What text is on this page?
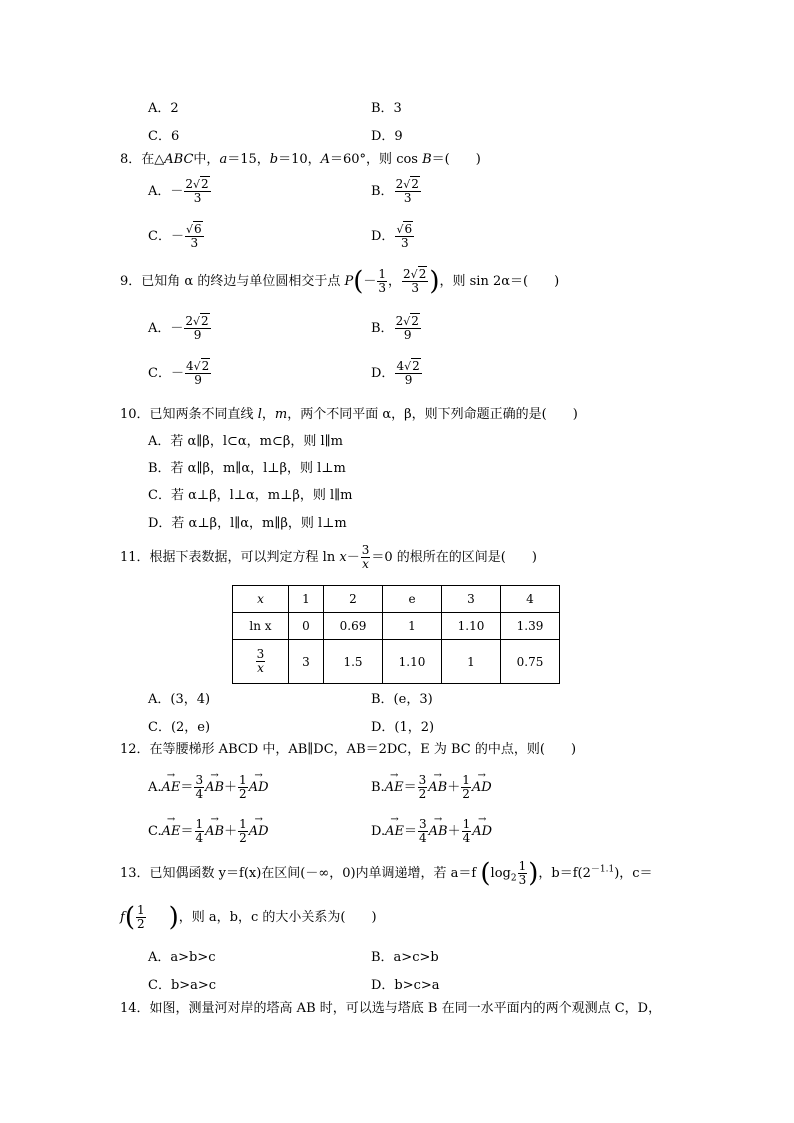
A．2	B．3
C．6	D．9
8．在△ABC中，a＝15，b＝10，A＝60°，则 cos B＝(　　)
A．－ $\frac{2√2}{3}$	B． $\frac{2√2}{3}$
C．－ $\frac{√6}{3}$	D． $\frac{√6}{3}$
9．已知角 α 的终边与单位圆相交于点 $P(- \frac{1}{3}$ ， $\frac{2√2}{3}$ )，则 sin 2α＝(　　)
A．－ $\frac{2√2}{9}$	B． $\frac{2√2}{9}$
C．－ $\frac{4√2}{9}$	D． $\frac{4√2}{9}$
10．已知两条不同直线 l，m，两个不同平面 α，β，则下列命题正确的是(　　)
A．若 α∥β，l⊂α，m⊂β，则 l∥m
B．若 α∥β，m∥α，l⊥β，则 l⊥m
C．若 α⊥β，l⊥α，m⊥β，则 l∥m
D．若 α⊥β，l∥α，m∥β，则 l⊥m
11．根据下表数据，可以判定方程 $\ln x- \frac{3}{x} =0$ 的根所在的区间是(　　)
x	1	2	e	3	4
ln x	0	0.69	1	1.10	1.39

$\frac{3}{x}$	3	1.5	1.10	1	0.75
A．(3，4)	B．(e，3)
C．(2，e)	D．(1，2)
12．在等腰梯形 ABCD 中，AB∥DC，AB＝2DC，E 为 BC 的中点，则(　　)
$A.\to AE= \frac{3}{4} \to AB+ \frac{1}{2}$ → AD	$B.\to AE= \frac{3}{2} \to AB+ \frac{1}{2}$ → AD
$C.\to AE= \frac{1}{4} \to AB+ \frac{1}{2}$ → AD	$D.\to AE= \frac{3}{4} \to AB+ \frac{1}{4}$ → AD
13．已知偶函数 y＝f(x)在区间(－∞，0)内单调递增，若 a＝f ($\log_2 \frac{1}{3}$ )，$b=f(2^{-1.1})$，c＝
$f( \frac{1}{2}$ )，则 a，b，c 的大小关系为(　　)
A．a>b>c	B．a>c>b
C．b>a>c	D．b>c>a
14．如图，测量河对岸的塔高 AB 时，可以选与塔底 B 在同一水平面内的两个观测点 C，D，
